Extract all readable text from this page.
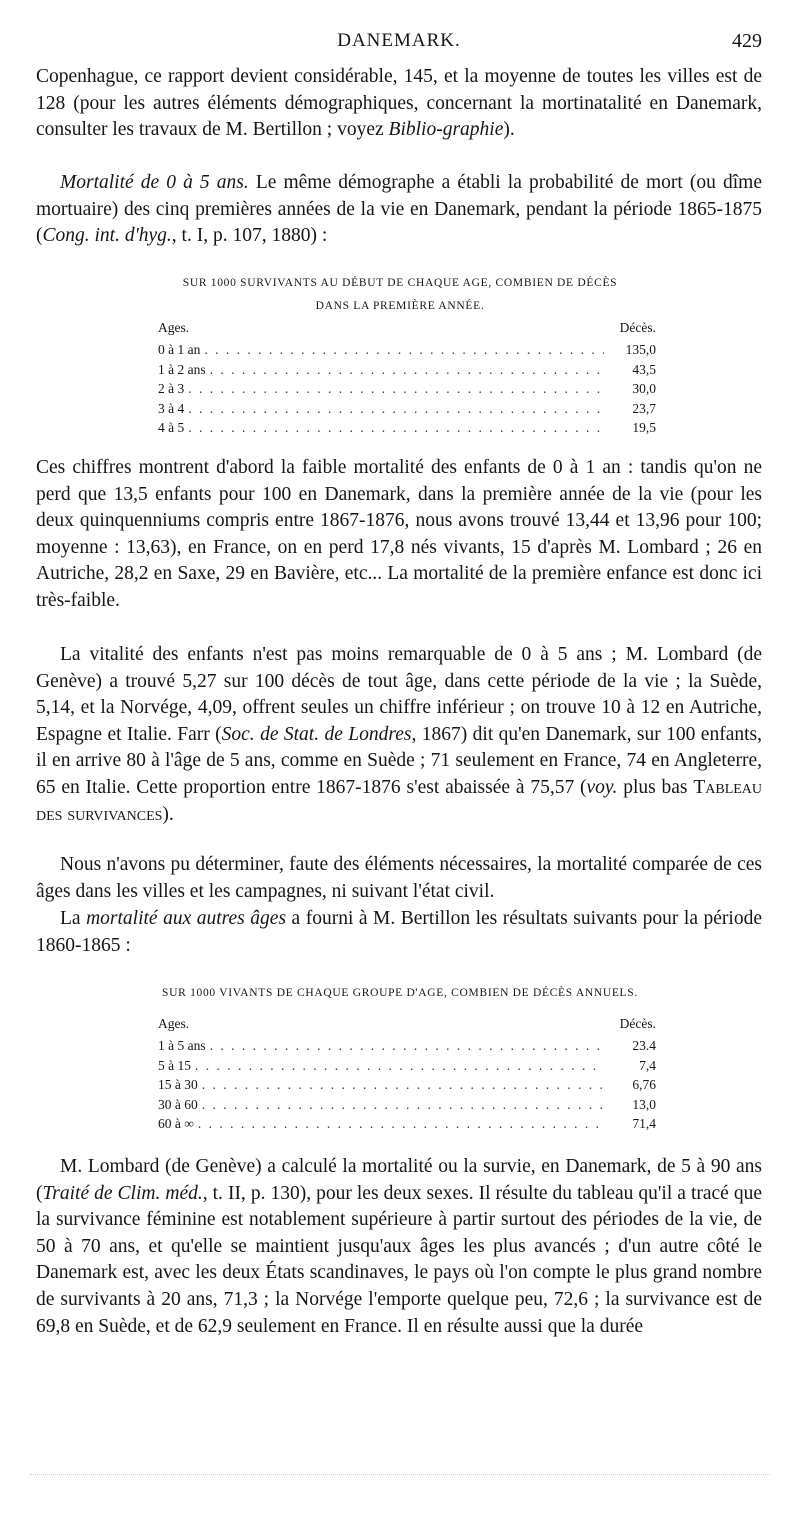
DANEMARK.	429

Copenhague, ce rapport devient considérable, 145, et la moyenne de toutes les villes est de 128 (pour les autres éléments démographiques, concernant la mortinatalité en Danemark, consulter les travaux de M. Bertillon ; voyez Biblio-graphie).

Mortalité de 0 à 5 ans. Le même démographe a établi la probabilité de mort (ou dîme mortuaire) des cinq premières années de la vie en Danemark, pendant la période 1865-1875 (Cong. int. d'hyg., t. I, p. 107, 1880) :

SUR 1000 SURVIVANTS AU DÉBUT DE CHAQUE AGE, COMBIEN DE DÉCÈS
DANS LA PREMIÈRE ANNÉE.
Ages.	Décès.
0 à 1 an . . .	135,0
1 à 2 ans . . .	43,5
2 à 3 . . .	30,0
3 à 4 . . .	23,7
4 à 5 . . .	19,5

Ces chiffres montrent d'abord la faible mortalité des enfants de 0 à 1 an : tandis qu'on ne perd que 13,5 enfants pour 100 en Danemark, dans la première année de la vie (pour les deux quinquenniums compris entre 1867-1876, nous avons trouvé 13,44 et 13,96 pour 100; moyenne : 13,63), en France, on en perd 17,8 nés vivants, 15 d'après M. Lombard ; 26 en Autriche, 28,2 en Saxe, 29 en Bavière, etc... La mortalité de la première enfance est donc ici très-faible.

La vitalité des enfants n'est pas moins remarquable de 0 à 5 ans ; M. Lombard (de Genève) a trouvé 5,27 sur 100 décès de tout âge, dans cette période de la vie ; la Suède, 5,14, et la Norvége, 4,09, offrent seules un chiffre inférieur ; on trouve 10 à 12 en Autriche, Espagne et Italie. Farr (Soc. de Stat. de Londres, 1867) dit qu'en Danemark, sur 100 enfants, il en arrive 80 à l'âge de 5 ans, comme en Suède ; 71 seulement en France, 74 en Angleterre, 65 en Italie. Cette proportion entre 1867-1876 s'est abaissée à 75,57 (voy. plus bas Tableau des survivances).

Nous n'avons pu déterminer, faute des éléments nécessaires, la mortalité comparée de ces âges dans les villes et les campagnes, ni suivant l'état civil.

La mortalité aux autres âges a fourni à M. Bertillon les résultats suivants pour la période 1860-1865 :

SUR 1000 VIVANTS DE CHAQUE GROUPE D'AGE, COMBIEN DE DÉCÈS ANNUELS.
Ages.	Décès.
1 à 5 ans . . .	23.4
5 à 15 . . .	7,4
15 à 30 . . .	6,76
30 à 60 . . .	13,0
60 à ∞ . . .	71,4

M. Lombard (de Genève) a calculé la mortalité ou la survie, en Danemark, de 5 à 90 ans (Traité de Clim. méd., t. II, p. 130), pour les deux sexes. Il résulte du tableau qu'il a tracé que la survivance féminine est notablement supérieure à partir surtout des périodes de la vie, de 50 à 70 ans, et qu'elle se maintient jusqu'aux âges les plus avancés ; d'un autre côté le Danemark est, avec les deux États scandinaves, le pays où l'on compte le plus grand nombre de survivants à 20 ans, 71,3 ; la Norvége l'emporte quelque peu, 72,6 ; la survivance est de 69,8 en Suède, et de 62,9 seulement en France. Il en résulte aussi que la durée
